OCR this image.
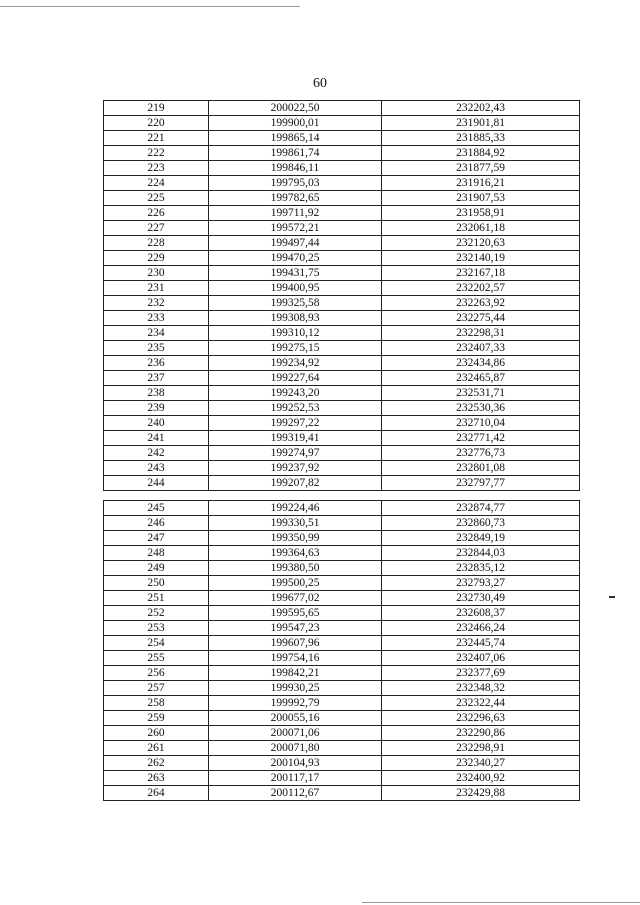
60
219	200022,50	232202,43
220	199900,01	231901,81
221	199865,14	231885,33
222	199861,74	231884,92
223	199846,11	231877,59
224	199795,03	231916,21
225	199782,65	231907,53
226	199711,92	231958,91
227	199572,21	232061,18
228	199497,44	232120,63
229	199470,25	232140,19
230	199431,75	232167,18
231	199400,95	232202,57
232	199325,58	232263,92
233	199308,93	232275,44
234	199310,12	232298,31
235	199275,15	232407,33
236	199234,92	232434,86
237	199227,64	232465,87
238	199243,20	232531,71
239	199252,53	232530,36
240	199297,22	232710,04
241	199319,41	232771,42
242	199274,97	232776,73
243	199237,92	232801,08
244	199207,82	232797,77
245	199224,46	232874,77
246	199330,51	232860,73
247	199350,99	232849,19
248	199364,63	232844,03
249	199380,50	232835,12
250	199500,25	232793,27
251	199677,02	232730,49
252	199595,65	232608,37
253	199547,23	232466,24
254	199607,96	232445,74
255	199754,16	232407,06
256	199842,21	232377,69
257	199930,25	232348,32
258	199992,79	232322,44
259	200055,16	232296,63
260	200071,06	232290,86
261	200071,80	232298,91
262	200104,93	232340,27
263	200117,17	232400,92
264	200112,67	232429,88
